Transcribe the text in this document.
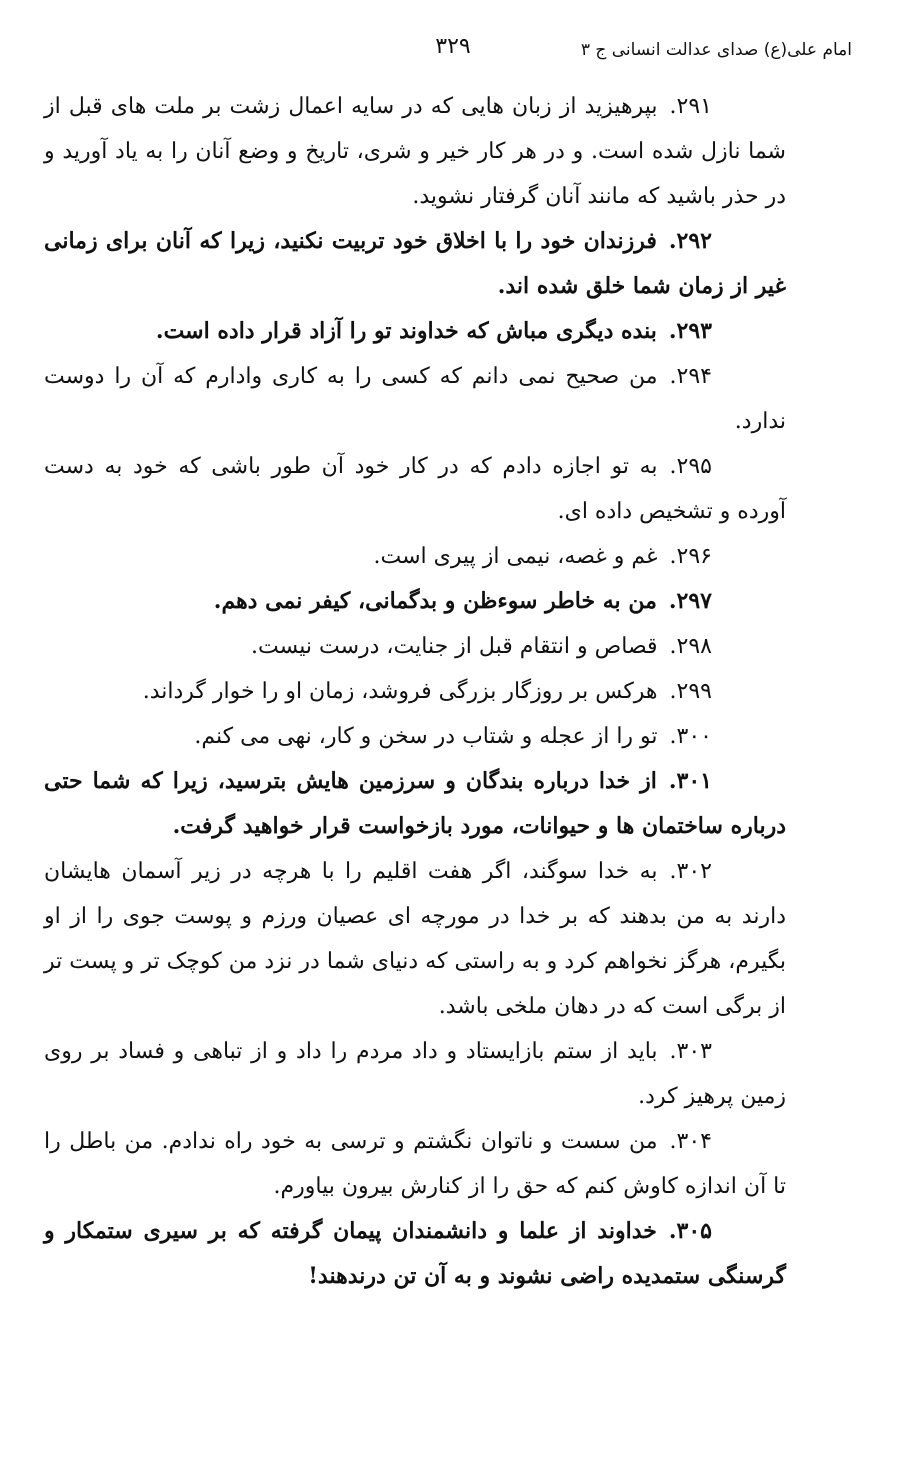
امام علی(ع) صدای عدالت انسانی ج ۳
۳۲۹

۲۹۱.بپرهیزید از زبان هایی که در سایه اعمال زشت بر ملت های قبل از شما نازل شده است. و در هر کار خیر و شری، تاریخ و وضع آنان را به یاد آورید و در حذر باشید که مانند آنان گرفتار نشوید.

۲۹۲.فرزندان خود را با اخلاق خود تربیت نکنید، زیرا که آنان برای زمانی غیر از زمان شما خلق شده اند.

۲۹۳.بنده دیگری مباش که خداوند تو را آزاد قرار داده است.

۲۹۴.من صحیح نمی دانم که کسی را به کاری وادارم که آن را دوست ندارد.

۲۹۵.به تو اجازه دادم که در کار خود آن طور باشی که خود به دست آورده و تشخیص داده ای.

۲۹۶.غم و غصه، نیمی از پیری است.

۲۹۷.من به خاطر سوءظن و بدگمانی، کیفر نمی دهم.

۲۹۸.قصاص و انتقام قبل از جنایت، درست نیست.

۲۹۹.هرکس بر روزگار بزرگی فروشد، زمان او را خوار گرداند.

۳۰۰.تو را از عجله و شتاب در سخن و کار، نهی می کنم.

۳۰۱.از خدا درباره بندگان و سرزمین هایش بترسید، زیرا که شما حتی درباره ساختمان ها و حیوانات، مورد بازخواست قرار خواهید گرفت.

۳۰۲.به خدا سوگند، اگر هفت اقلیم را با هرچه در زیر آسمان هایشان دارند به من بدهند که بر خدا در مورچه ای عصیان ورزم و پوست جوی را از او بگیرم، هرگز نخواهم کرد و به راستی که دنیای شما در نزد من کوچک تر و پست تر از برگی است که در دهان ملخی باشد.

۳۰۳.باید از ستم بازایستاد و داد مردم را داد و از تباهی و فساد بر روی زمین پرهیز کرد.

۳۰۴.من سست و ناتوان نگشتم و ترسی به خود راه ندادم. من باطل را تا آن اندازه کاوش کنم که حق را از کنارش بیرون بیاورم.

۳۰۵.خداوند از علما و دانشمندان پیمان گرفته که بر سیری ستمکار و گرسنگی ستمدیده راضی نشوند و به آن تن درندهند!
